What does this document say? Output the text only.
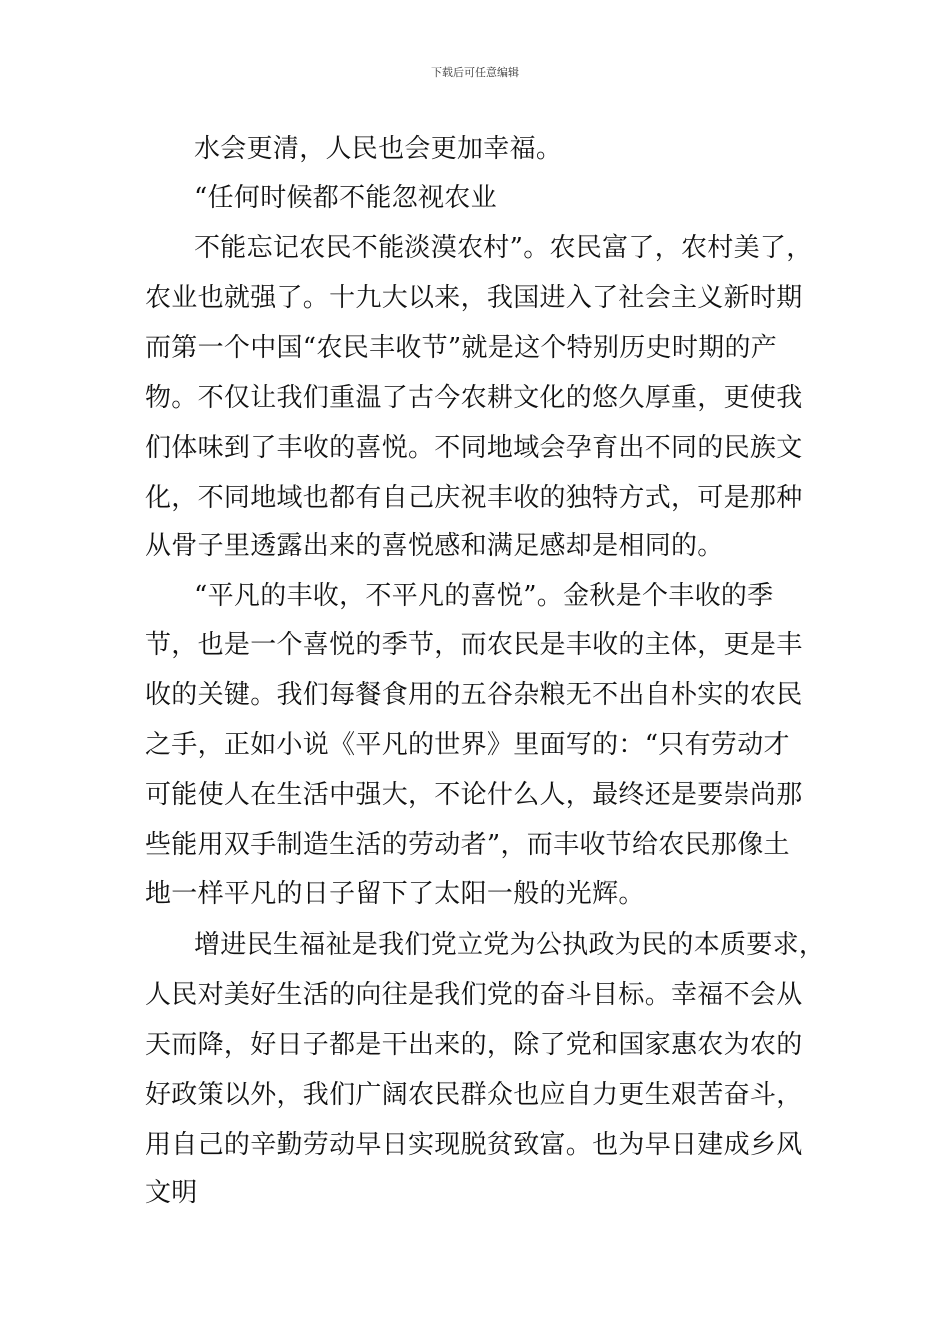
下载后可任意编辑
水会更清，人民也会更加幸福。
“任何时候都不能忽视农业
不能忘记农民不能淡漠农村”。农民富了，农村美了，
农业也就强了。十九大以来，我国进入了社会主义新时期
而第一个中国“农民丰收节”就是这个特别历史时期的产
物。不仅让我们重温了古今农耕文化的悠久厚重，更使我
们体味到了丰收的喜悦。不同地域会孕育出不同的民族文
化，不同地域也都有自己庆祝丰收的独特方式，可是那种
从骨子里透露出来的喜悦感和满足感却是相同的。
“平凡的丰收，不平凡的喜悦”。金秋是个丰收的季
节，也是一个喜悦的季节，而农民是丰收的主体，更是丰
收的关键。我们每餐食用的五谷杂粮无不出自朴实的农民
之手，正如小说《平凡的世界》里面写的：“只有劳动才
可能使人在生活中强大，不论什么人，最终还是要崇尚那
些能用双手制造生活的劳动者”，而丰收节给农民那像土
地一样平凡的日子留下了太阳一般的光辉。
增进民生福祉是我们党立党为公执政为民的本质要求，
人民对美好生活的向往是我们党的奋斗目标。幸福不会从
天而降，好日子都是干出来的，除了党和国家惠农为农的
好政策以外，我们广阔农民群众也应自力更生艰苦奋斗，
用自己的辛勤劳动早日实现脱贫致富。也为早日建成乡风
文明
